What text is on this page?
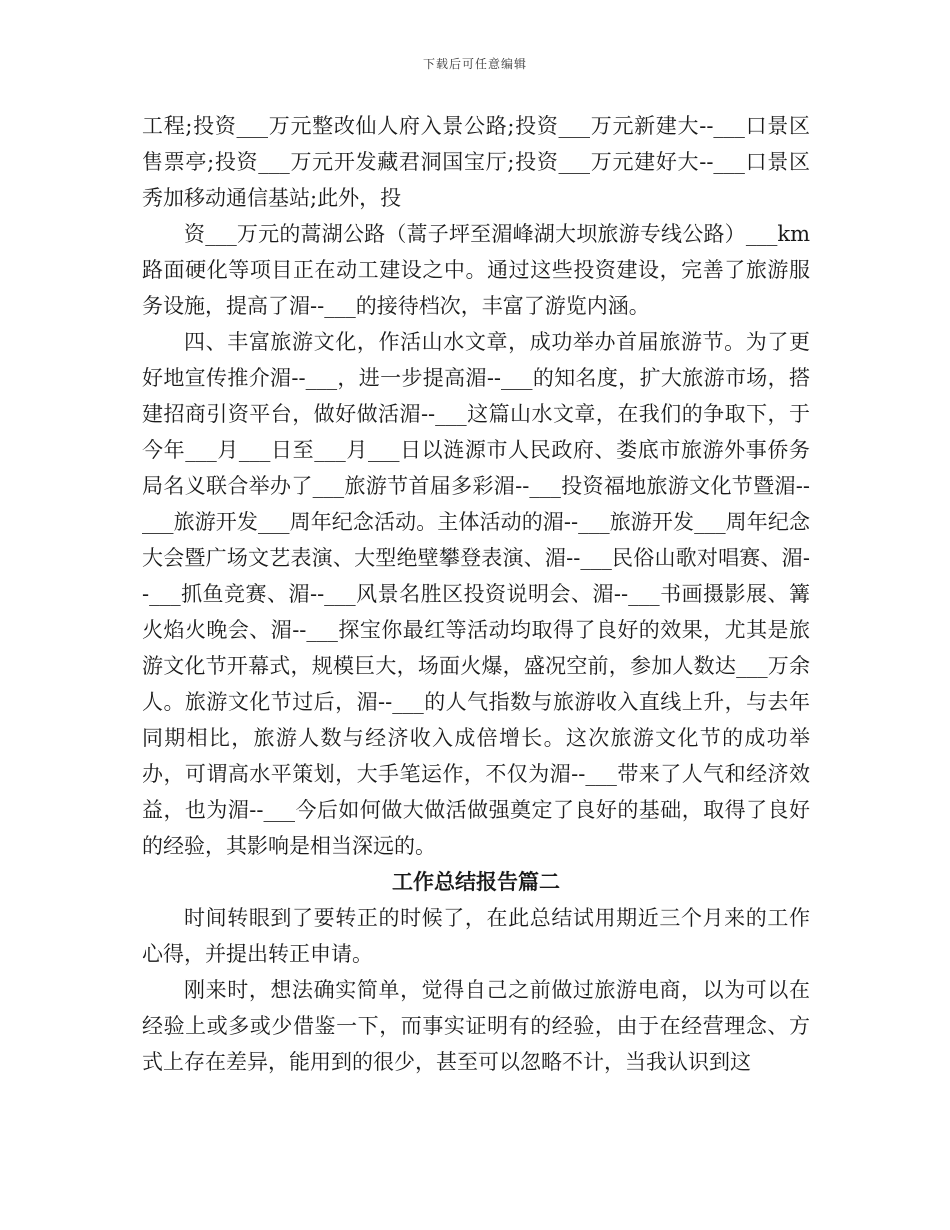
下载后可任意编辑

工程;投资___万元整改仙人府入景公路;投资___万元新建大--___口景区售票亭;投资___万元开发藏君洞国宝厅;投资___万元建好大--___口景区秀加移动通信基站;此外，投

资___万元的蒿湖公路（蒿子坪至湄峰湖大坝旅游专线公路）___km路面硬化等项目正在动工建设之中。通过这些投资建设，完善了旅游服务设施，提高了湄--___的接待档次，丰富了游览内涵。

四、丰富旅游文化，作活山水文章，成功举办首届旅游节。为了更好地宣传推介湄--___，进一步提高湄--___的知名度，扩大旅游市场，搭建招商引资平台，做好做活湄--___这篇山水文章，在我们的争取下，于今年___月___日至___月___日以涟源市人民政府、娄底市旅游外事侨务局名义联合举办了___旅游节首届多彩湄--___投资福地旅游文化节暨湄--___旅游开发___周年纪念活动。主体活动的湄--___旅游开发___周年纪念大会暨广场文艺表演、大型绝壁攀登表演、湄--___民俗山歌对唱赛、湄--___抓鱼竞赛、湄--___风景名胜区投资说明会、湄--___书画摄影展、篝火焰火晚会、湄--___探宝你最红等活动均取得了良好的效果，尤其是旅游文化节开幕式，规模巨大，场面火爆，盛况空前，参加人数达___万余人。旅游文化节过后，湄--___的人气指数与旅游收入直线上升，与去年同期相比，旅游人数与经济收入成倍增长。这次旅游文化节的成功举办，可谓高水平策划，大手笔运作，不仅为湄--___带来了人气和经济效益，也为湄--___今后如何做大做活做强奠定了良好的基础，取得了良好的经验，其影响是相当深远的。

工作总结报告篇二

时间转眼到了要转正的时候了，在此总结试用期近三个月来的工作心得，并提出转正申请。

刚来时，想法确实简单，觉得自己之前做过旅游电商，以为可以在经验上或多或少借鉴一下，而事实证明有的经验，由于在经营理念、方式上存在差异，能用到的很少，甚至可以忽略不计，当我认识到这
